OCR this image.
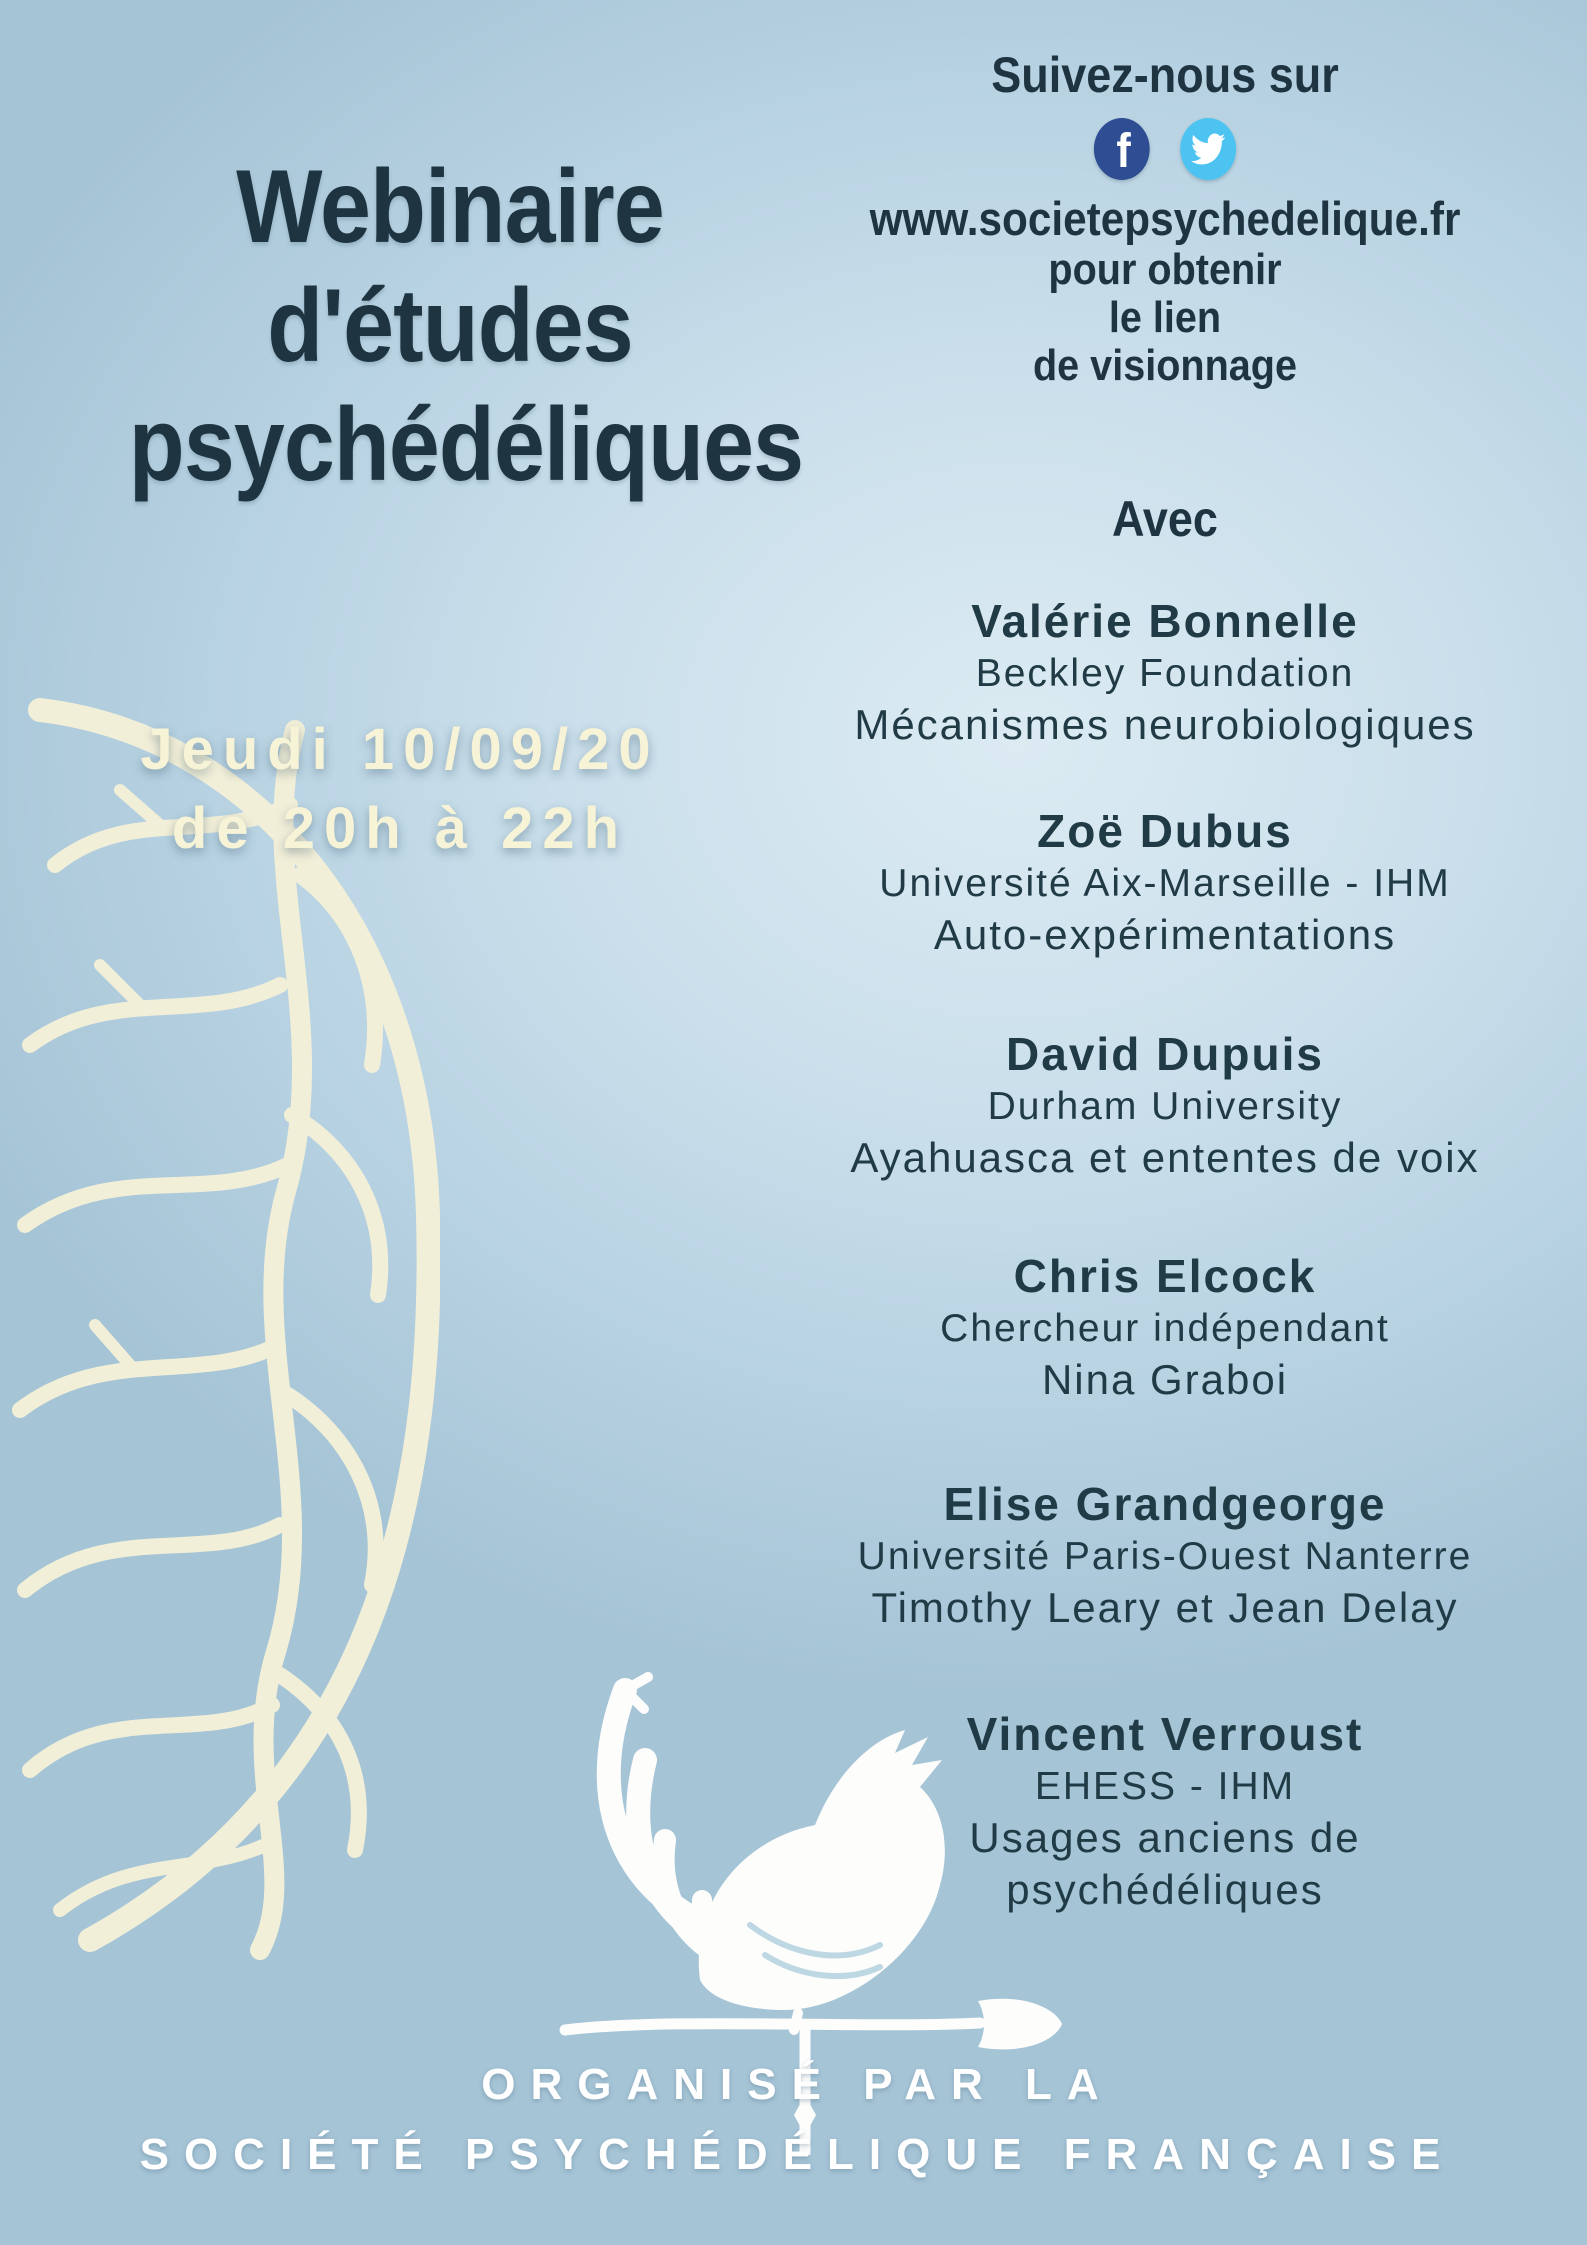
Webinaire
d'études
psychédéliques
Suivez-nous sur
f
www.societepsychedelique.fr
pour obtenir
le lien
de visionnage
Jeudi 10/09/20
de 20h à 22h
Avec
Valérie Bonnelle
Beckley Foundation
Mécanismes neurobiologiques
Zoë Dubus
Université Aix-Marseille - IHM
Auto-expérimentations
David Dupuis
Durham University
Ayahuasca et ententes de voix
Chris Elcock
Chercheur indépendant
Nina Graboi
Elise Grandgeorge
Université Paris-Ouest Nanterre
Timothy Leary et Jean Delay
Vincent Verroust
EHESS - IHM
Usages anciens de psychédéliques
ORGANISÉ PAR LA
SOCIÉTÉ PSYCHÉDÉLIQUE FRANÇAISE
